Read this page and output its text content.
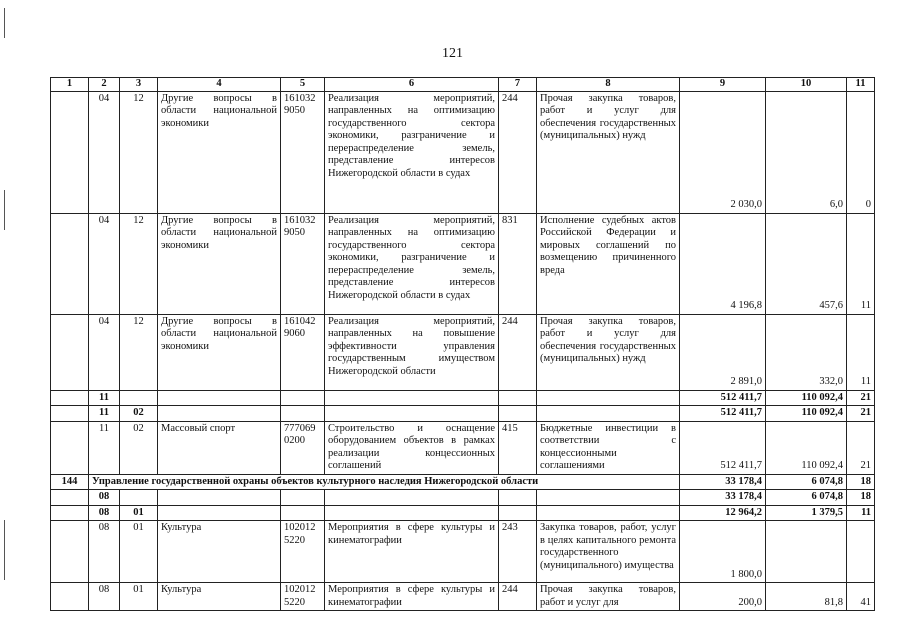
121
1	2	3	4	5	6	7	8	9	10	11
	04	12	Другие вопросы в области национальной экономики	161032 9050	Реализация мероприятий, направленных на оптимизацию государственного сектора экономики, разграничение и перераспределение земель, представление интересов Нижегородской области в судах	244	Прочая закупка товаров, работ и услуг для обеспечения государственных (муниципальных) нужд	2 030,0	6,0	0
	04	12	Другие вопросы в области национальной экономики	161032 9050	Реализация мероприятий, направленных на оптимизацию государственного сектора экономики, разграничение и перераспределение земель, представление интересов Нижегородской области в судах	831	Исполнение судебных актов Российской Федерации и мировых соглашений по возмещению причиненного вреда	4 196,8	457,6	11
	04	12	Другие вопросы в области национальной экономики	161042 9060	Реализация мероприятий, направленных на повышение эффективности управления государственным имуществом Нижегородской области	244	Прочая закупка товаров, работ и услуг для обеспечения государственных (муниципальных) нужд	2 891,0	332,0	11
	11							512 411,7	110 092,4	21
	11	02						512 411,7	110 092,4	21
	11	02	Массовый спорт	777069 0200	Строительство и оснащение оборудованием объектов в рамках реализации концессионных соглашений	415	Бюджетные инвестиции в соответствии с концессионными соглашениями	512 411,7	110 092,4	21
144	Управление государственной охраны объектов культурного наследия Нижегородской области							33 178,4	6 074,8	18
	08							33 178,4	6 074,8	18
	08	01						12 964,2	1 379,5	11
	08	01	Культура	102012 5220	Мероприятия в сфере культуры и кинематографии	243	Закупка товаров, работ, услуг в целях капитального ремонта государственного (муниципального) имущества	1 800,0		
	08	01	Культура	102012 5220	Мероприятия в сфере культуры и кинематографии	244	Прочая закупка товаров, работ и услуг для	200,0	81,8	41
